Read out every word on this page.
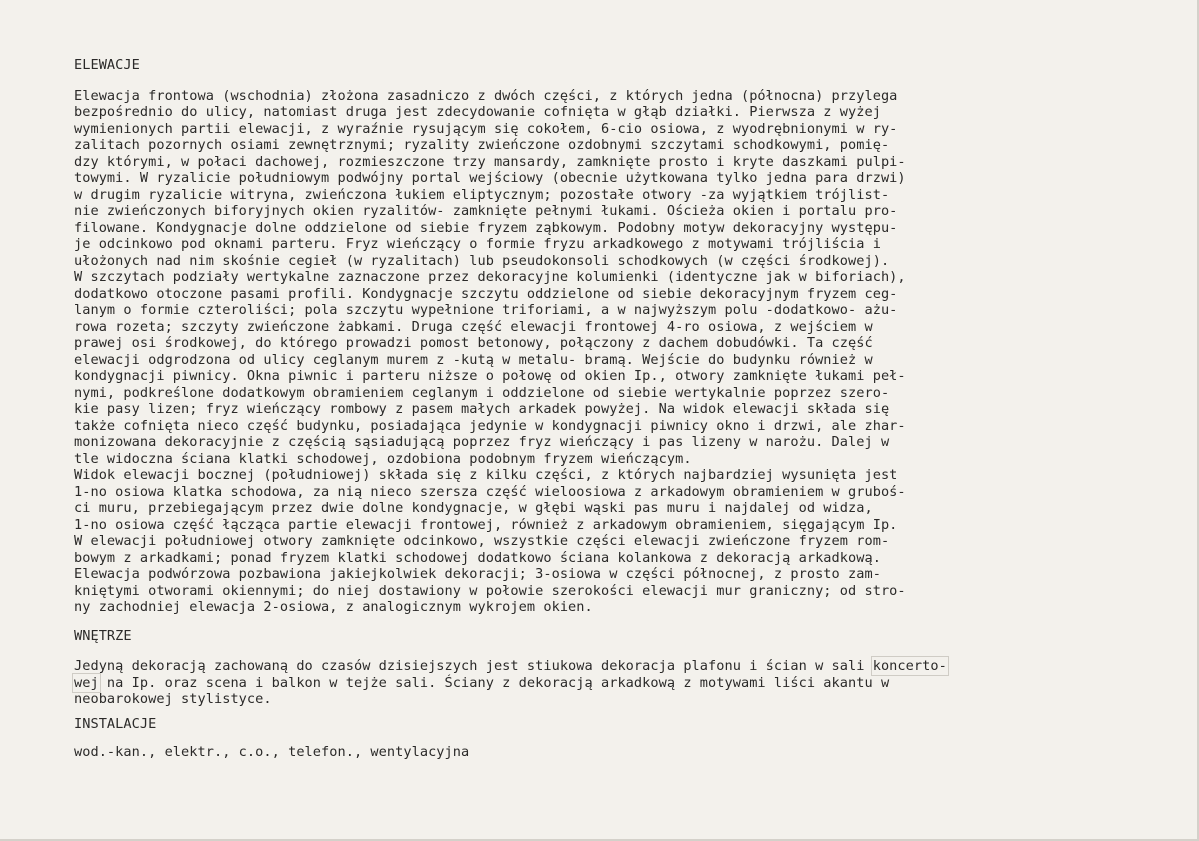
ELEWACJE
Elewacja frontowa (wschodnia) złożona zasadniczo z dwóch części, z których jedna (północna) przylega
bezpośrednio do ulicy, natomiast druga jest zdecydowanie cofnięta w głąb działki. Pierwsza z wyżej
wymienionych partii elewacji, z wyraźnie rysującym się cokołem, 6-cio osiowa, z wyodrębnionymi w ry-
zalitach pozornych osiami zewnętrznymi; ryzality zwieńczone ozdobnymi szczytami schodkowymi, pomię-
dzy którymi, w połaci dachowej, rozmieszczone trzy mansardy, zamknięte prosto i kryte daszkami pulpi-
towymi. W ryzalicie południowym podwójny portal wejściowy (obecnie użytkowana tylko jedna para drzwi)
w drugim ryzalicie witryna, zwieńczona łukiem eliptycznym; pozostałe otwory -za wyjątkiem trójlist-
nie zwieńczonych biforyjnych okien ryzalitów- zamknięte pełnymi łukami. Ościeża okien i portalu pro-
filowane. Kondygnacje dolne oddzielone od siebie fryzem ząbkowym. Podobny motyw dekoracyjny występu-
je odcinkowo pod oknami parteru. Fryz wieńczący o formie fryzu arkadkowego z motywami trójliścia i
ułożonych nad nim skośnie cegieł (w ryzalitach) lub pseudokonsoli schodkowych (w części środkowej).
W szczytach podziały wertykalne zaznaczone przez dekoracyjne kolumienki (identyczne jak w biforiach),
dodatkowo otoczone pasami profili. Kondygnacje szczytu oddzielone od siebie dekoracyjnym fryzem ceg-
lanym o formie czteroliści; pola szczytu wypełnione triforiami, a w najwyższym polu -dodatkowo- ażu-
rowa rozeta; szczyty zwieńczone żabkami. Druga część elewacji frontowej 4-ro osiowa, z wejściem w
prawej osi środkowej, do którego prowadzi pomost betonowy, połączony z dachem dobudówki. Ta część
elewacji odgrodzona od ulicy ceglanym murem z -kutą w metalu- bramą. Wejście do budynku również w
kondygnacji piwnicy. Okna piwnic i parteru niższe o połowę od okien Ip., otwory zamknięte łukami peł-
nymi, podkreślone dodatkowym obramieniem ceglanym i oddzielone od siebie wertykalnie poprzez szero-
kie pasy lizen; fryz wieńczący rombowy z pasem małych arkadek powyżej. Na widok elewacji składa się
także cofnięta nieco część budynku, posiadająca jedynie w kondygnacji piwnicy okno i drzwi, ale zhar-
monizowana dekoracyjnie z częścią sąsiadującą poprzez fryz wieńczący i pas lizeny w narożu. Dalej w
tle widoczna ściana klatki schodowej, ozdobiona podobnym fryzem wieńczącym.
Widok elewacji bocznej (południowej) składa się z kilku części, z których najbardziej wysunięta jest
1-no osiowa klatka schodowa, za nią nieco szersza część wieloosiowa z arkadowym obramieniem w gruboś-
ci muru, przebiegającym przez dwie dolne kondygnacje, w głębi wąski pas muru i najdalej od widza,
1-no osiowa część łącząca partie elewacji frontowej, również z arkadowym obramieniem, sięgającym Ip.
W elewacji południowej otwory zamknięte odcinkowo, wszystkie części elewacji zwieńczone fryzem rom-
bowym z arkadkami; ponad fryzem klatki schodowej dodatkowo ściana kolankowa z dekoracją arkadkową.
Elewacja podwórzowa pozbawiona jakiejkolwiek dekoracji; 3-osiowa w części północnej, z prosto zam-
kniętymi otworami okiennymi; do niej dostawiony w połowie szerokości elewacji mur graniczny; od stro-
ny zachodniej elewacja 2-osiowa, z analogicznym wykrojem okien.
WNĘTRZE
Jedyną dekoracją zachowaną do czasów dzisiejszych jest stiukowa dekoracja plafonu i ścian w sali koncerto-
wej na Ip. oraz scena i balkon w tejże sali. Ściany z dekoracją arkadkową z motywami liści akantu w
neobarokowej stylistyce.
INSTALACJE
wod.-kan., elektr., c.o., telefon., wentylacyjna
